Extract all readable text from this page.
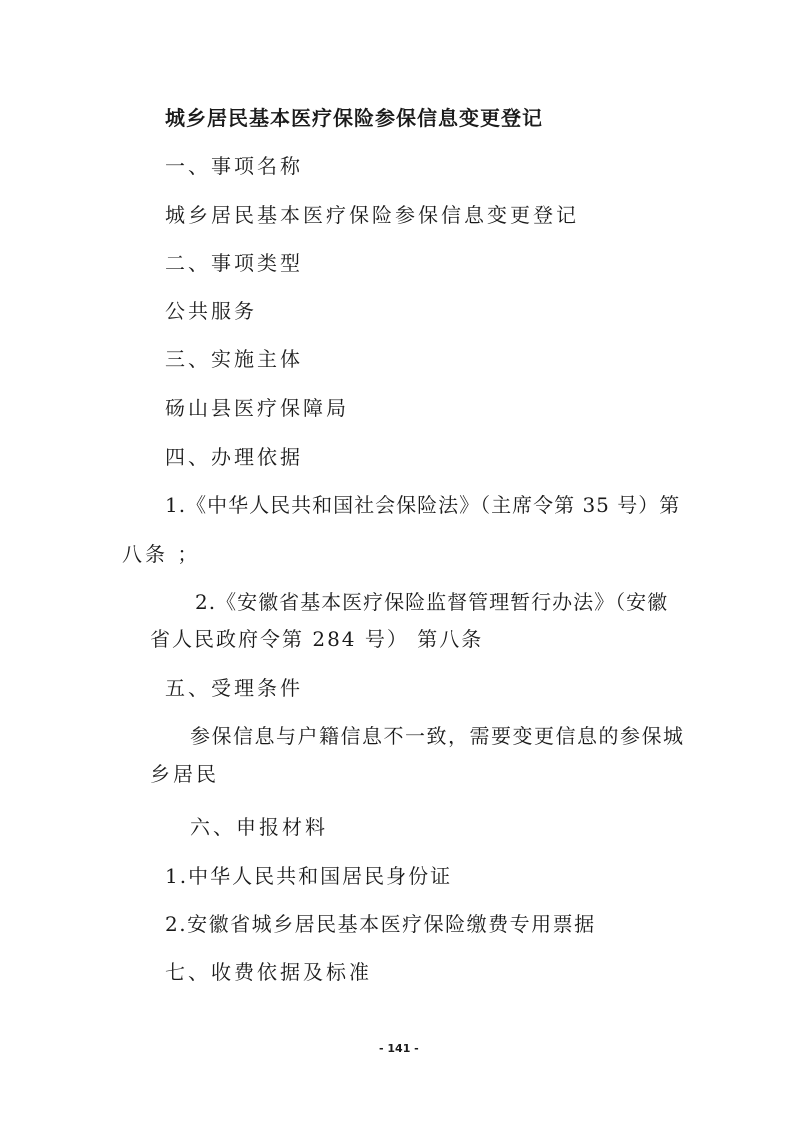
城乡居民基本医疗保险参保信息变更登记
一、事项名称
城乡居民基本医疗保险参保信息变更登记
二、事项类型
公共服务
三、实施主体
砀山县医疗保障局
四、办理依据
1.《中华人民共和国社会保险法》（主席令第 35 号）第
八条 ；
2.《安徽省基本医疗保险监督管理暂行办法》（安徽
省人民政府令第 284 号） 第八条
五、受理条件
参保信息与户籍信息不一致，需要变更信息的参保城
乡居民
六、申报材料
1.中华人民共和国居民身份证
2.安徽省城乡居民基本医疗保险缴费专用票据
七、收费依据及标准
- 141 -
